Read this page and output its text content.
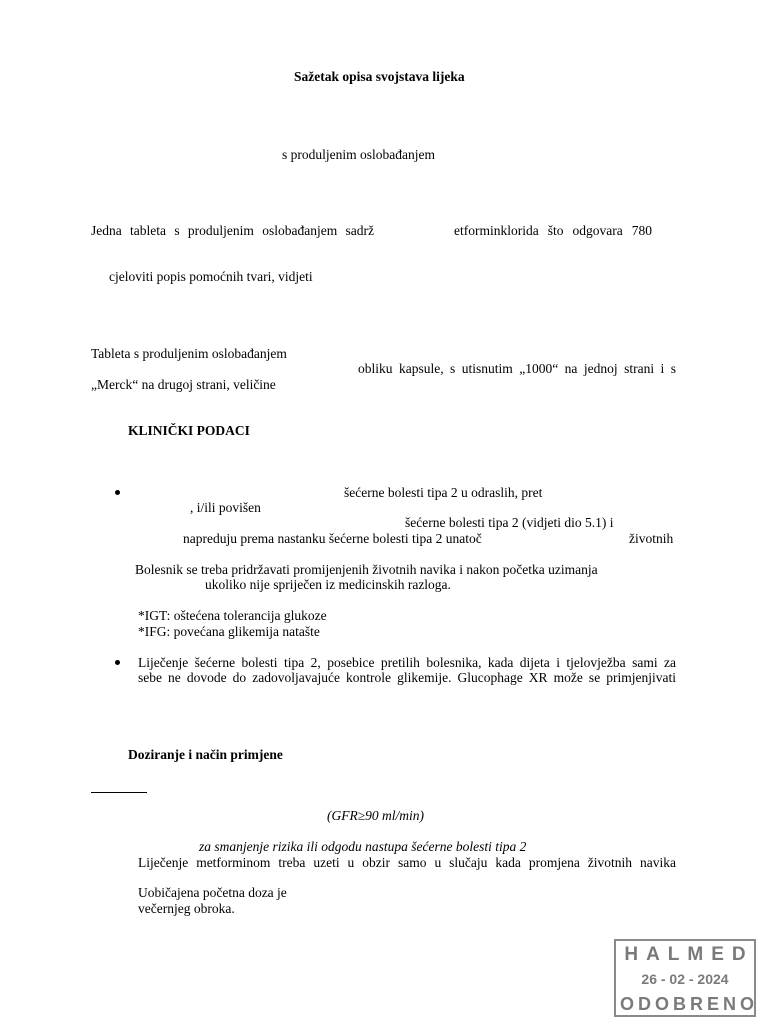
Sažetak opisa svojstava lijeka
s produljenim oslobađanjem
Jedna tableta s produljenim oslobađanjem sadrž	etforminklorida što odgovara 780
cjeloviti popis pomoćnih tvari, vidjeti
Tableta s produljenim oslobađanjem
obliku kapsule, s utisnutim „1000“ na jednoj strani i s
„Merck“ na drugoj strani, veličine
KLINIČKI PODACI
šećerne bolesti tipa 2 u odraslih, pret
, i/ili povišen
šećerne bolesti tipa 2 (vidjeti dio 5.1) i
napreduju prema nastanku šećerne bolesti tipa 2 unatoč	životnih
Bolesnik se treba pridržavati promijenjenih životnih navika i nakon početka uzimanja
ukoliko nije spriječen iz medicinskih razloga.
*IGT: oštećena tolerancija glukoze
*IFG: povećana glikemija natašte
Liječenje šećerne bolesti tipa 2, posebice pretilih bolesnika, kada dijeta i tjelovježba sami za
sebe ne dovode do zadovoljavajuće kontrole glikemije. Glucophage XR može se primjenjivati
Doziranje i način primjene
(GFR≥90 ml/min)
za smanjenje rizika ili odgodu nastupa šećerne bolesti tipa 2
Liječenje metforminom treba uzeti u obzir samo u slučaju kada promjena životnih navika
Uobičajena početna doza je
večernjeg obroka.
HALMED
26 - 02 - 2024
ODOBRENO
